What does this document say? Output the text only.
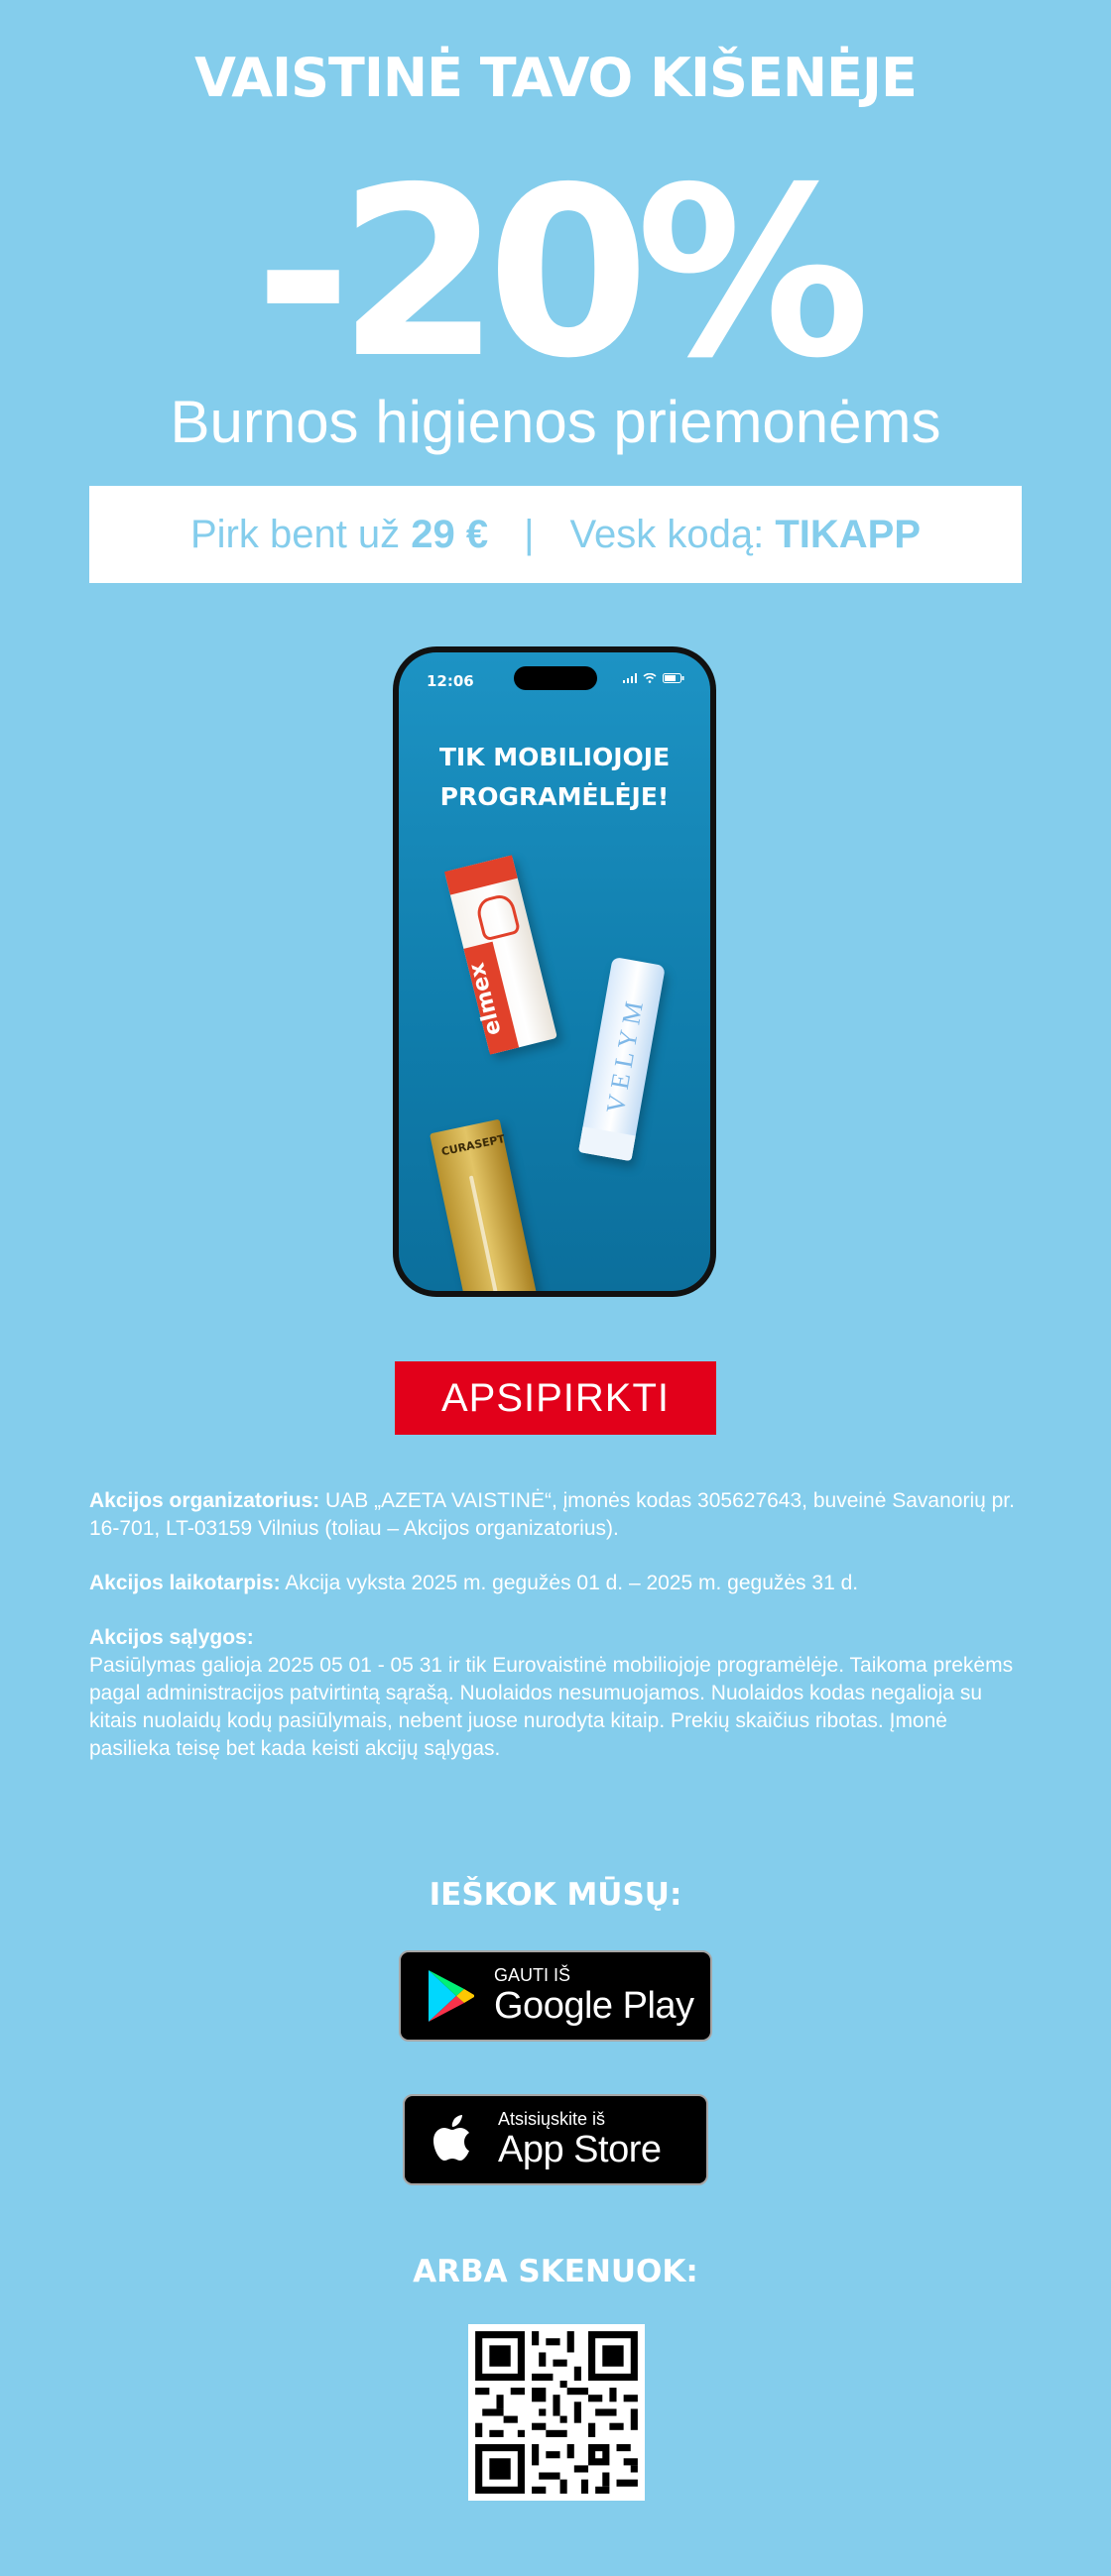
VAISTINĖ TAVO KIŠENĖJE
-20%
Burnos higienos priemonėms
Pirk bent už
29 € | Vesk kodą:
TIKAPP
12:06

TIK MOBILIOJOJE
PROGRAMĖLĖJE!
elmex	VELYM
CURASEPT
APSIPIRKTI

Akcijos organizatorius: UAB „AZETA VAISTINĖ“, įmonės kodas 305627643, buveinė Savanorių pr. 16-701, LT-03159 Vilnius (toliau – Akcijos organizatorius).

Akcijos laikotarpis: Akcija vyksta 2025 m. gegužės 01 d. – 2025 m. gegužės 31 d.

Akcijos sąlygos:
Pasiūlymas galioja 2025 05 01 - 05 31 ir tik Eurovaistinė mobiliojoje programėlėje. Taikoma prekėms pagal administracijos patvirtintą sąrašą. Nuolaidos nesumuojamos. Nuolaidos kodas negalioja su kitais nuolaidų kodų pasiūlymais, nebent juose nurodyta kitaip. Prekių skaičius ribotas. Įmonė pasilieka teisę bet kada keisti akcijų sąlygas.

IEŠKOK MŪSŲ:
GAUTI IŠ
Google Play
Atsisiųskite iš
App Store
ARBA SKENUOK:
